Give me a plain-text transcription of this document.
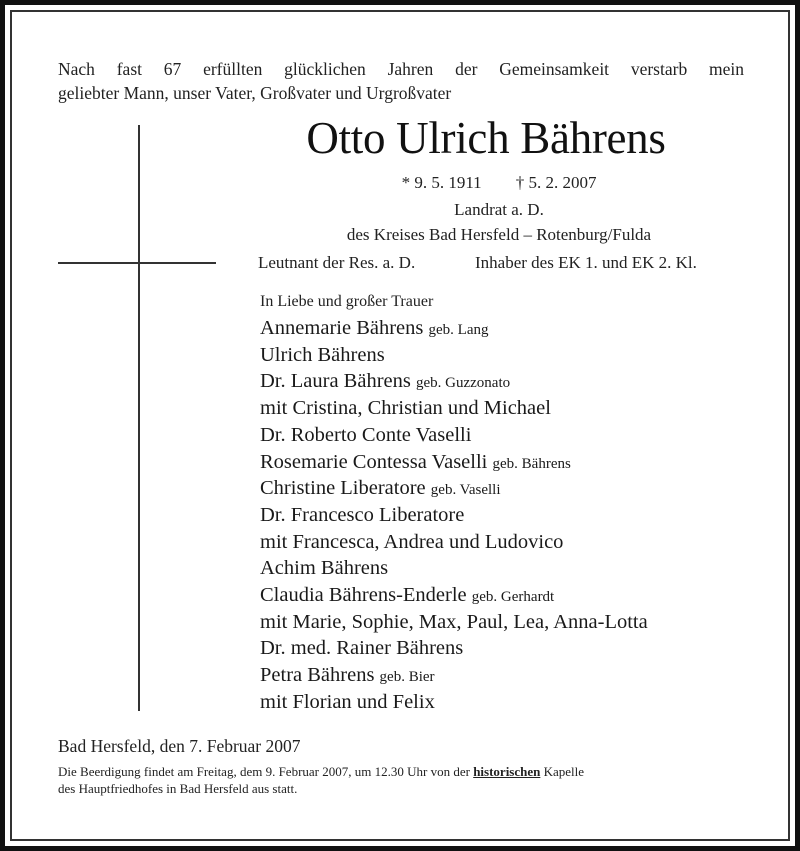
Nach fast 67 erfüllten glücklichen Jahren der Gemeinsamkeit verstarb mein
geliebter Mann, unser Vater, Großvater und Urgroßvater
Otto Ulrich Bährens
* 9. 5. 1911 † 5. 2. 2007
Landrat a. D.
des Kreises Bad Hersfeld – Rotenburg/Fulda
Leutnant der Res. a. D.	Inhaber des EK 1. und EK 2. Kl.
In Liebe und großer Trauer
Annemarie Bährens geb. Lang
Ulrich Bährens
Dr. Laura Bährens geb. Guzzonato
mit Cristina, Christian und Michael
Dr. Roberto Conte Vaselli
Rosemarie Contessa Vaselli geb. Bährens
Christine Liberatore geb. Vaselli
Dr. Francesco Liberatore
mit Francesca, Andrea und Ludovico
Achim Bährens
Claudia Bährens-Enderle geb. Gerhardt
mit Marie, Sophie, Max, Paul, Lea, Anna-Lotta
Dr. med. Rainer Bährens
Petra Bährens geb. Bier
mit Florian und Felix
Bad Hersfeld, den 7. Februar 2007
Die Beerdigung findet am Freitag, dem 9. Februar 2007, um 12.30 Uhr von der historischen Kapelle
des Hauptfriedhofes in Bad Hersfeld aus statt.
